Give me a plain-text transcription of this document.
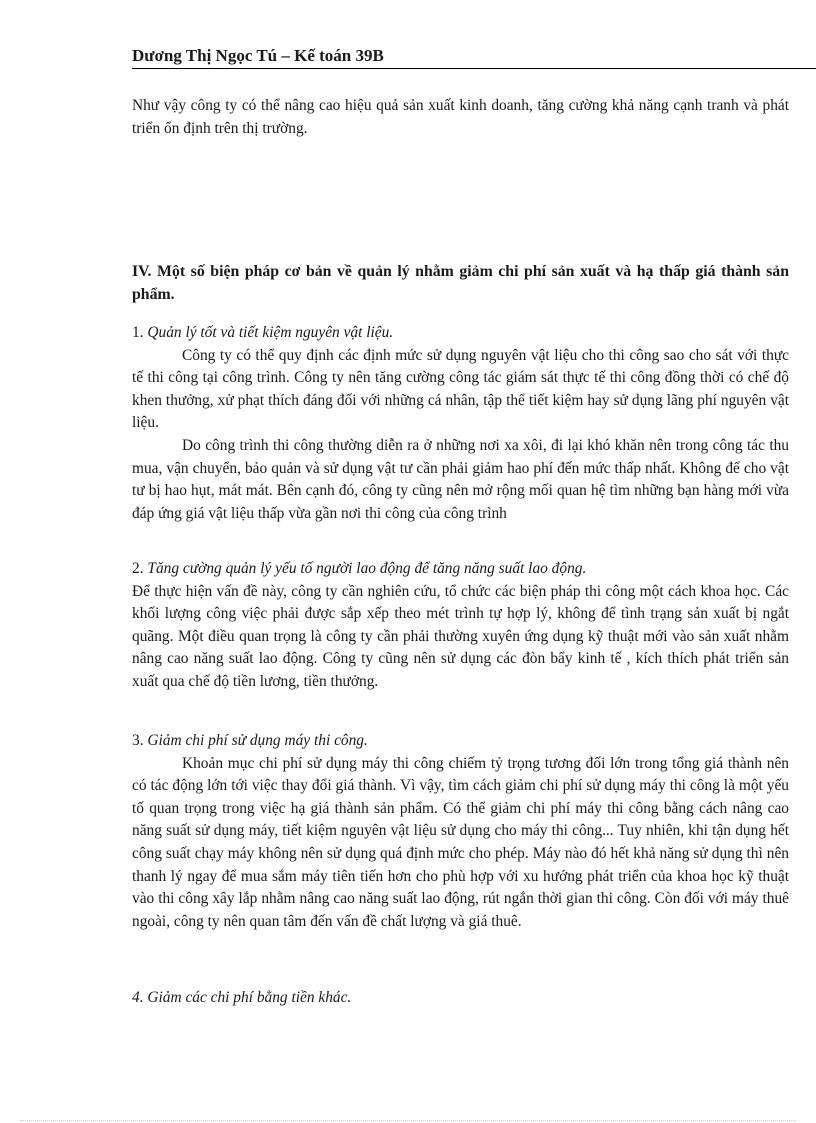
Dương Thị Ngọc Tú – Kế toán 39B

Như vậy công ty có thể nâng cao hiệu quả sản xuất kinh doanh, tăng cường khả năng cạnh tranh và phát triển ổn định trên thị trường.

IV. Một số biện pháp cơ bản về quản lý nhằm giảm chi phí sản xuất và hạ thấp giá thành sản phẩm.

1. Quản lý tốt và tiết kiệm nguyên vật liệu.

Công ty có thể quy định các định mức sử dụng nguyên vật liệu cho thi công sao cho sát với thực tế thi công tại công trình. Công ty nên tăng cường công tác giám sát thực tế thi công đồng thời có chế độ khen thưởng, xử phạt thích đáng đối với những cá nhân, tập thể tiết kiệm hay sử dụng lãng phí nguyên vật liệu.

Do công trình thi công thường diễn ra ở những nơi xa xôi, đi lại khó khăn nên trong công tác thu mua, vận chuyển, bảo quản và sử dụng vật tư cần phải giảm hao phí đến mức thấp nhất. Không để cho vật tư bị hao hụt, mát mát. Bên cạnh đó, công ty cũng nên mở rộng mối quan hệ tìm những bạn hàng mới vừa đáp ứng giá vật liệu thấp vừa gần nơi thi công của công trình

2. Tăng cường quản lý yếu tố người lao động để tăng năng suất lao động.

Để thực hiện vấn đề này, công ty cần nghiên cứu, tổ chức các biện pháp thi công một cách khoa học. Các khối lượng công việc phải được sắp xếp theo mét trình tự hợp lý, không để tình trạng sản xuất bị ngắt quãng. Một điều quan trọng là công ty cần phải thường xuyên ứng dụng kỹ thuật mới vào sản xuất nhằm nâng cao năng suất lao động. Công ty cũng nên sử dụng các đòn bẩy kinh tế , kích thích phát triển sản xuất qua chế độ tiền lương, tiền thưởng.

3. Giảm chi phí sử dụng máy thi công.

Khoản mục chi phí sử dụng máy thi công chiếm tỷ trọng tương đối lớn trong tổng giá thành nên có tác động lớn tới việc thay đổi giá thành. Vì vậy, tìm cách giảm chi phí sử dụng máy thi công là một yếu tố quan trọng trong việc hạ giá thành sản phẩm. Có thể giảm chi phí máy thi công bằng cách nâng cao năng suất sử dụng máy, tiết kiệm nguyên vật liệu sử dụng cho máy thi công... Tuy nhiên, khi tận dụng hết công suất chạy máy không nên sử dụng quá định mức cho phép. Máy nào đó hết khả năng sử dụng thì nên thanh lý ngay để mua sắm máy tiên tiến hơn cho phù hợp với xu hướng phát triển của khoa học kỹ thuật vào thi công xây lắp nhằm nâng cao năng suất lao động, rút ngắn thời gian thi công. Còn đối với máy thuê ngoài, công ty nên quan tâm đến vấn đề chất lượng và giá thuê.

4. Giảm các chi phí bằng tiền khác.
